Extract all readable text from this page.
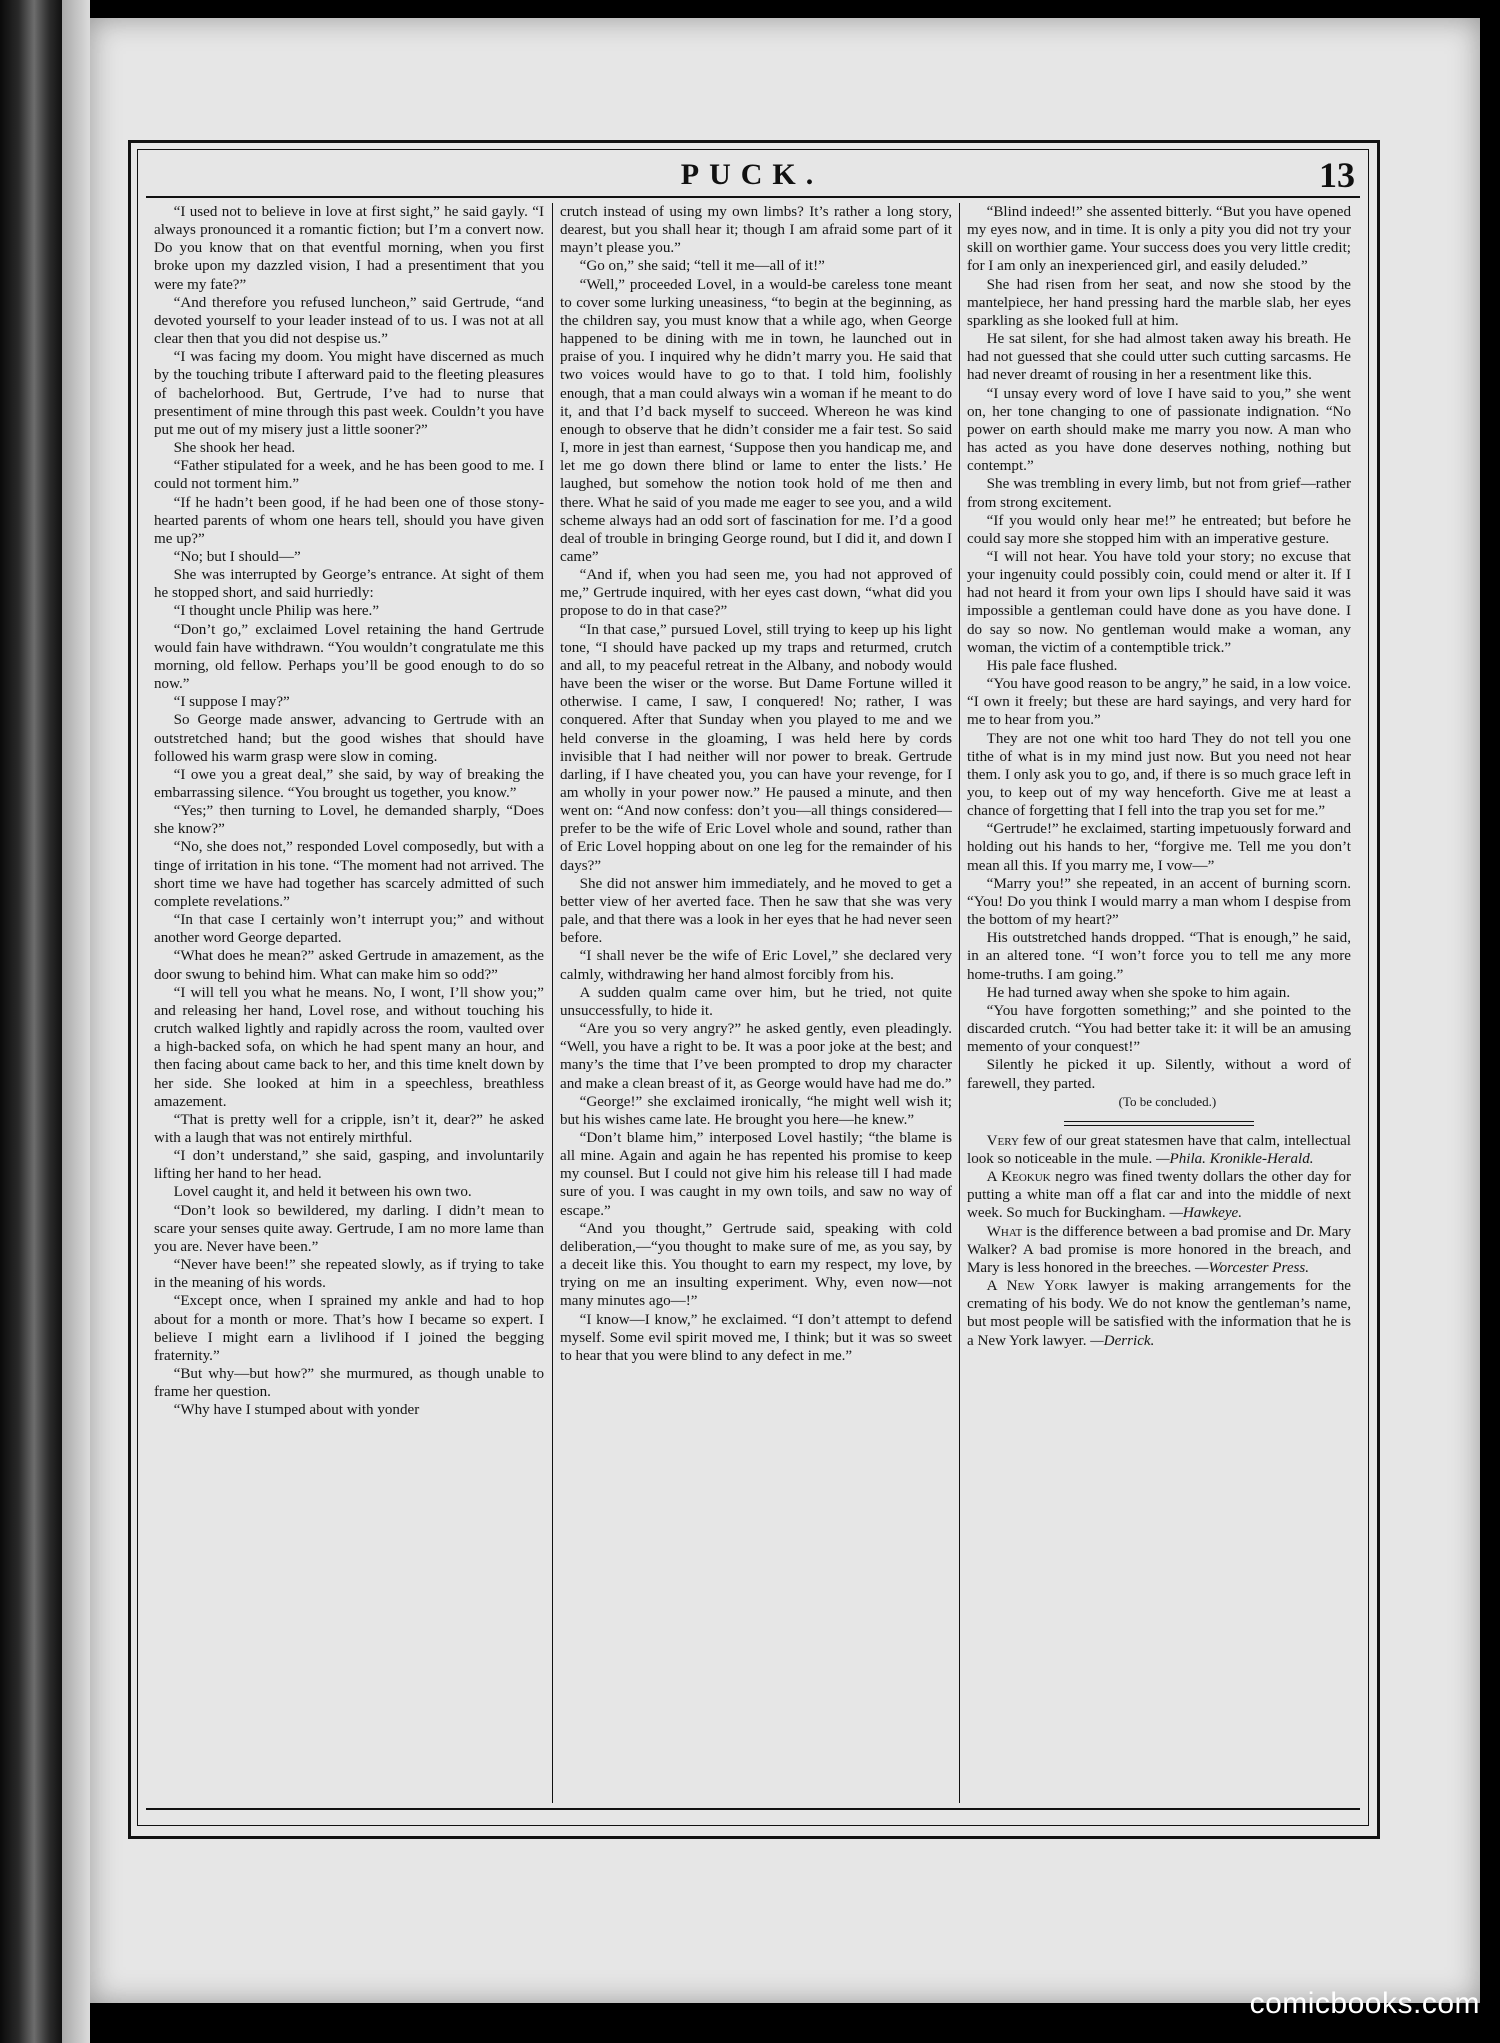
PUCK.	13

“I used not to believe in love at first sight,” he said gayly. “I always pronounced it a romantic fiction; but I’m a convert now. Do you know that on that eventful morning, when you first broke upon my dazzled vision, I had a presentiment that you were my fate?”

“And therefore you refused luncheon,” said Gertrude, “and devoted yourself to your leader instead of to us. I was not at all clear then that you did not despise us.”

“I was facing my doom. You might have discerned as much by the touching tribute I afterward paid to the fleeting pleasures of bachelorhood. But, Gertrude, I’ve had to nurse that presentiment of mine through this past week. Couldn’t you have put me out of my misery just a little sooner?”

She shook her head.

“Father stipulated for a week, and he has been good to me. I could not torment him.”

“If he hadn’t been good, if he had been one of those stony-hearted parents of whom one hears tell, should you have given me up?”

“No; but I should—”

She was interrupted by George’s entrance. At sight of them he stopped short, and said hurriedly:

“I thought uncle Philip was here.”

“Don’t go,” exclaimed Lovel retaining the hand Gertrude would fain have withdrawn. “You wouldn’t congratulate me this morning, old fellow. Perhaps you’ll be good enough to do so now.”

“I suppose I may?”

So George made answer, advancing to Gertrude with an outstretched hand; but the good wishes that should have followed his warm grasp were slow in coming.

“I owe you a great deal,” she said, by way of breaking the embarrassing silence. “You brought us together, you know.”

“Yes;” then turning to Lovel, he demanded sharply, “Does she know?”

“No, she does not,” responded Lovel composedly, but with a tinge of irritation in his tone. “The moment had not arrived. The short time we have had together has scarcely admitted of such complete revelations.”

“In that case I certainly won’t interrupt you;” and without another word George departed.

“What does he mean?” asked Gertrude in amazement, as the door swung to behind him. What can make him so odd?”

“I will tell you what he means. No, I wont, I’ll show you;” and releasing her hand, Lovel rose, and without touching his crutch walked lightly and rapidly across the room, vaulted over a high-backed sofa, on which he had spent many an hour, and then facing about came back to her, and this time knelt down by her side. She looked at him in a speechless, breathless amazement.

“That is pretty well for a cripple, isn’t it, dear?” he asked with a laugh that was not entirely mirthful.

“I don’t understand,” she said, gasping, and involuntarily lifting her hand to her head.

Lovel caught it, and held it between his own two.

“Don’t look so bewildered, my darling. I didn’t mean to scare your senses quite away. Gertrude, I am no more lame than you are. Never have been.”

“Never have been!” she repeated slowly, as if trying to take in the meaning of his words.

“Except once, when I sprained my ankle and had to hop about for a month or more. That’s how I became so expert. I believe I might earn a livlihood if I joined the begging fraternity.”

“But why—but how?” she murmured, as though unable to frame her question.

“Why have I stumped about with yonder

crutch instead of using my own limbs? It’s rather a long story, dearest, but you shall hear it; though I am afraid some part of it mayn’t please you.”

“Go on,” she said; “tell it me—all of it!”

“Well,” proceeded Lovel, in a would-be careless tone meant to cover some lurking uneasiness, “to begin at the beginning, as the children say, you must know that a while ago, when George happened to be dining with me in town, he launched out in praise of you. I inquired why he didn’t marry you. He said that two voices would have to go to that. I told him, foolishly enough, that a man could always win a woman if he meant to do it, and that I’d back myself to succeed. Whereon he was kind enough to observe that he didn’t consider me a fair test. So said I, more in jest than earnest, ‘Suppose then you handicap me, and let me go down there blind or lame to enter the lists.’ He laughed, but somehow the notion took hold of me then and there. What he said of you made me eager to see you, and a wild scheme always had an odd sort of fascination for me. I’d a good deal of trouble in bringing George round, but I did it, and down I came”

“And if, when you had seen me, you had not approved of me,” Gertrude inquired, with her eyes cast down, “what did you propose to do in that case?”

“In that case,” pursued Lovel, still trying to keep up his light tone, “I should have packed up my traps and returmed, crutch and all, to my peaceful retreat in the Albany, and nobody would have been the wiser or the worse. But Dame Fortune willed it otherwise. I came, I saw, I conquered! No; rather, I was conquered. After that Sunday when you played to me and we held converse in the gloaming, I was held here by cords invisible that I had neither will nor power to break. Gertrude darling, if I have cheated you, you can have your revenge, for I am wholly in your power now.” He paused a minute, and then went on: “And now confess: don’t you—all things considered—prefer to be the wife of Eric Lovel whole and sound, rather than of Eric Lovel hopping about on one leg for the remainder of his days?”

She did not answer him immediately, and he moved to get a better view of her averted face. Then he saw that she was very pale, and that there was a look in her eyes that he had never seen before.

“I shall never be the wife of Eric Lovel,” she declared very calmly, withdrawing her hand almost forcibly from his.

A sudden qualm came over him, but he tried, not quite unsuccessfully, to hide it.

“Are you so very angry?” he asked gently, even pleadingly. “Well, you have a right to be. It was a poor joke at the best; and many’s the time that I’ve been prompted to drop my character and make a clean breast of it, as George would have had me do.”

“George!” she exclaimed ironically, “he might well wish it; but his wishes came late. He brought you here—he knew.”

“Don’t blame him,” interposed Lovel hastily; “the blame is all mine. Again and again he has repented his promise to keep my counsel. But I could not give him his release till I had made sure of you. I was caught in my own toils, and saw no way of escape.”

“And you thought,” Gertrude said, speaking with cold deliberation,—“you thought to make sure of me, as you say, by a deceit like this. You thought to earn my respect, my love, by trying on me an insulting experiment. Why, even now—not many minutes ago—!”

“I know—I know,” he exclaimed. “I don’t attempt to defend myself. Some evil spirit moved me, I think; but it was so sweet to hear that you were blind to any defect in me.”

“Blind indeed!” she assented bitterly. “But you have opened my eyes now, and in time. It is only a pity you did not try your skill on worthier game. Your success does you very little credit; for I am only an inexperienced girl, and easily deluded.”

She had risen from her seat, and now she stood by the mantelpiece, her hand pressing hard the marble slab, her eyes sparkling as she looked full at him.

He sat silent, for she had almost taken away his breath. He had not guessed that she could utter such cutting sarcasms. He had never dreamt of rousing in her a resentment like this.

“I unsay every word of love I have said to you,” she went on, her tone changing to one of passionate indignation. “No power on earth should make me marry you now. A man who has acted as you have done deserves nothing, nothing but contempt.”

She was trembling in every limb, but not from grief—rather from strong excitement.

“If you would only hear me!” he entreated; but before he could say more she stopped him with an imperative gesture.

“I will not hear. You have told your story; no excuse that your ingenuity could possibly coin, could mend or alter it. If I had not heard it from your own lips I should have said it was impossible a gentleman could have done as you have done. I do say so now. No gentleman would make a woman, any woman, the victim of a contemptible trick.”

His pale face flushed.

“You have good reason to be angry,” he said, in a low voice. “I own it freely; but these are hard sayings, and very hard for me to hear from you.”

They are not one whit too hard They do not tell you one tithe of what is in my mind just now. But you need not hear them. I only ask you to go, and, if there is so much grace left in you, to keep out of my way henceforth. Give me at least a chance of forgetting that I fell into the trap you set for me.”

“Gertrude!” he exclaimed, starting impetuously forward and holding out his hands to her, “forgive me. Tell me you don’t mean all this. If you marry me, I vow—”

“Marry you!” she repeated, in an accent of burning scorn. “You! Do you think I would marry a man whom I despise from the bottom of my heart?”

His outstretched hands dropped. “That is enough,” he said, in an altered tone. “I won’t force you to tell me any more home-truths. I am going.”

He had turned away when she spoke to him again.

“You have forgotten something;” and she pointed to the discarded crutch. “You had better take it: it will be an amusing memento of your conquest!”

Silently he picked it up. Silently, without a word of farewell, they parted.

(To be concluded.)

Very few of our great statesmen have that calm, intellectual look so noticeable in the mule. —Phila. Kronikle-Herald.

A Keokuk negro was fined twenty dollars the other day for putting a white man off a flat car and into the middle of next week. So much for Buckingham. —Hawkeye.

What is the difference between a bad promise and Dr. Mary Walker? A bad promise is more honored in the breach, and Mary is less honored in the breeches. —Worcester Press.

A New York lawyer is making arrangements for the cremating of his body. We do not know the gentleman’s name, but most people will be satisfied with the information that he is a New York lawyer. —Derrick.

comicbooks.com
